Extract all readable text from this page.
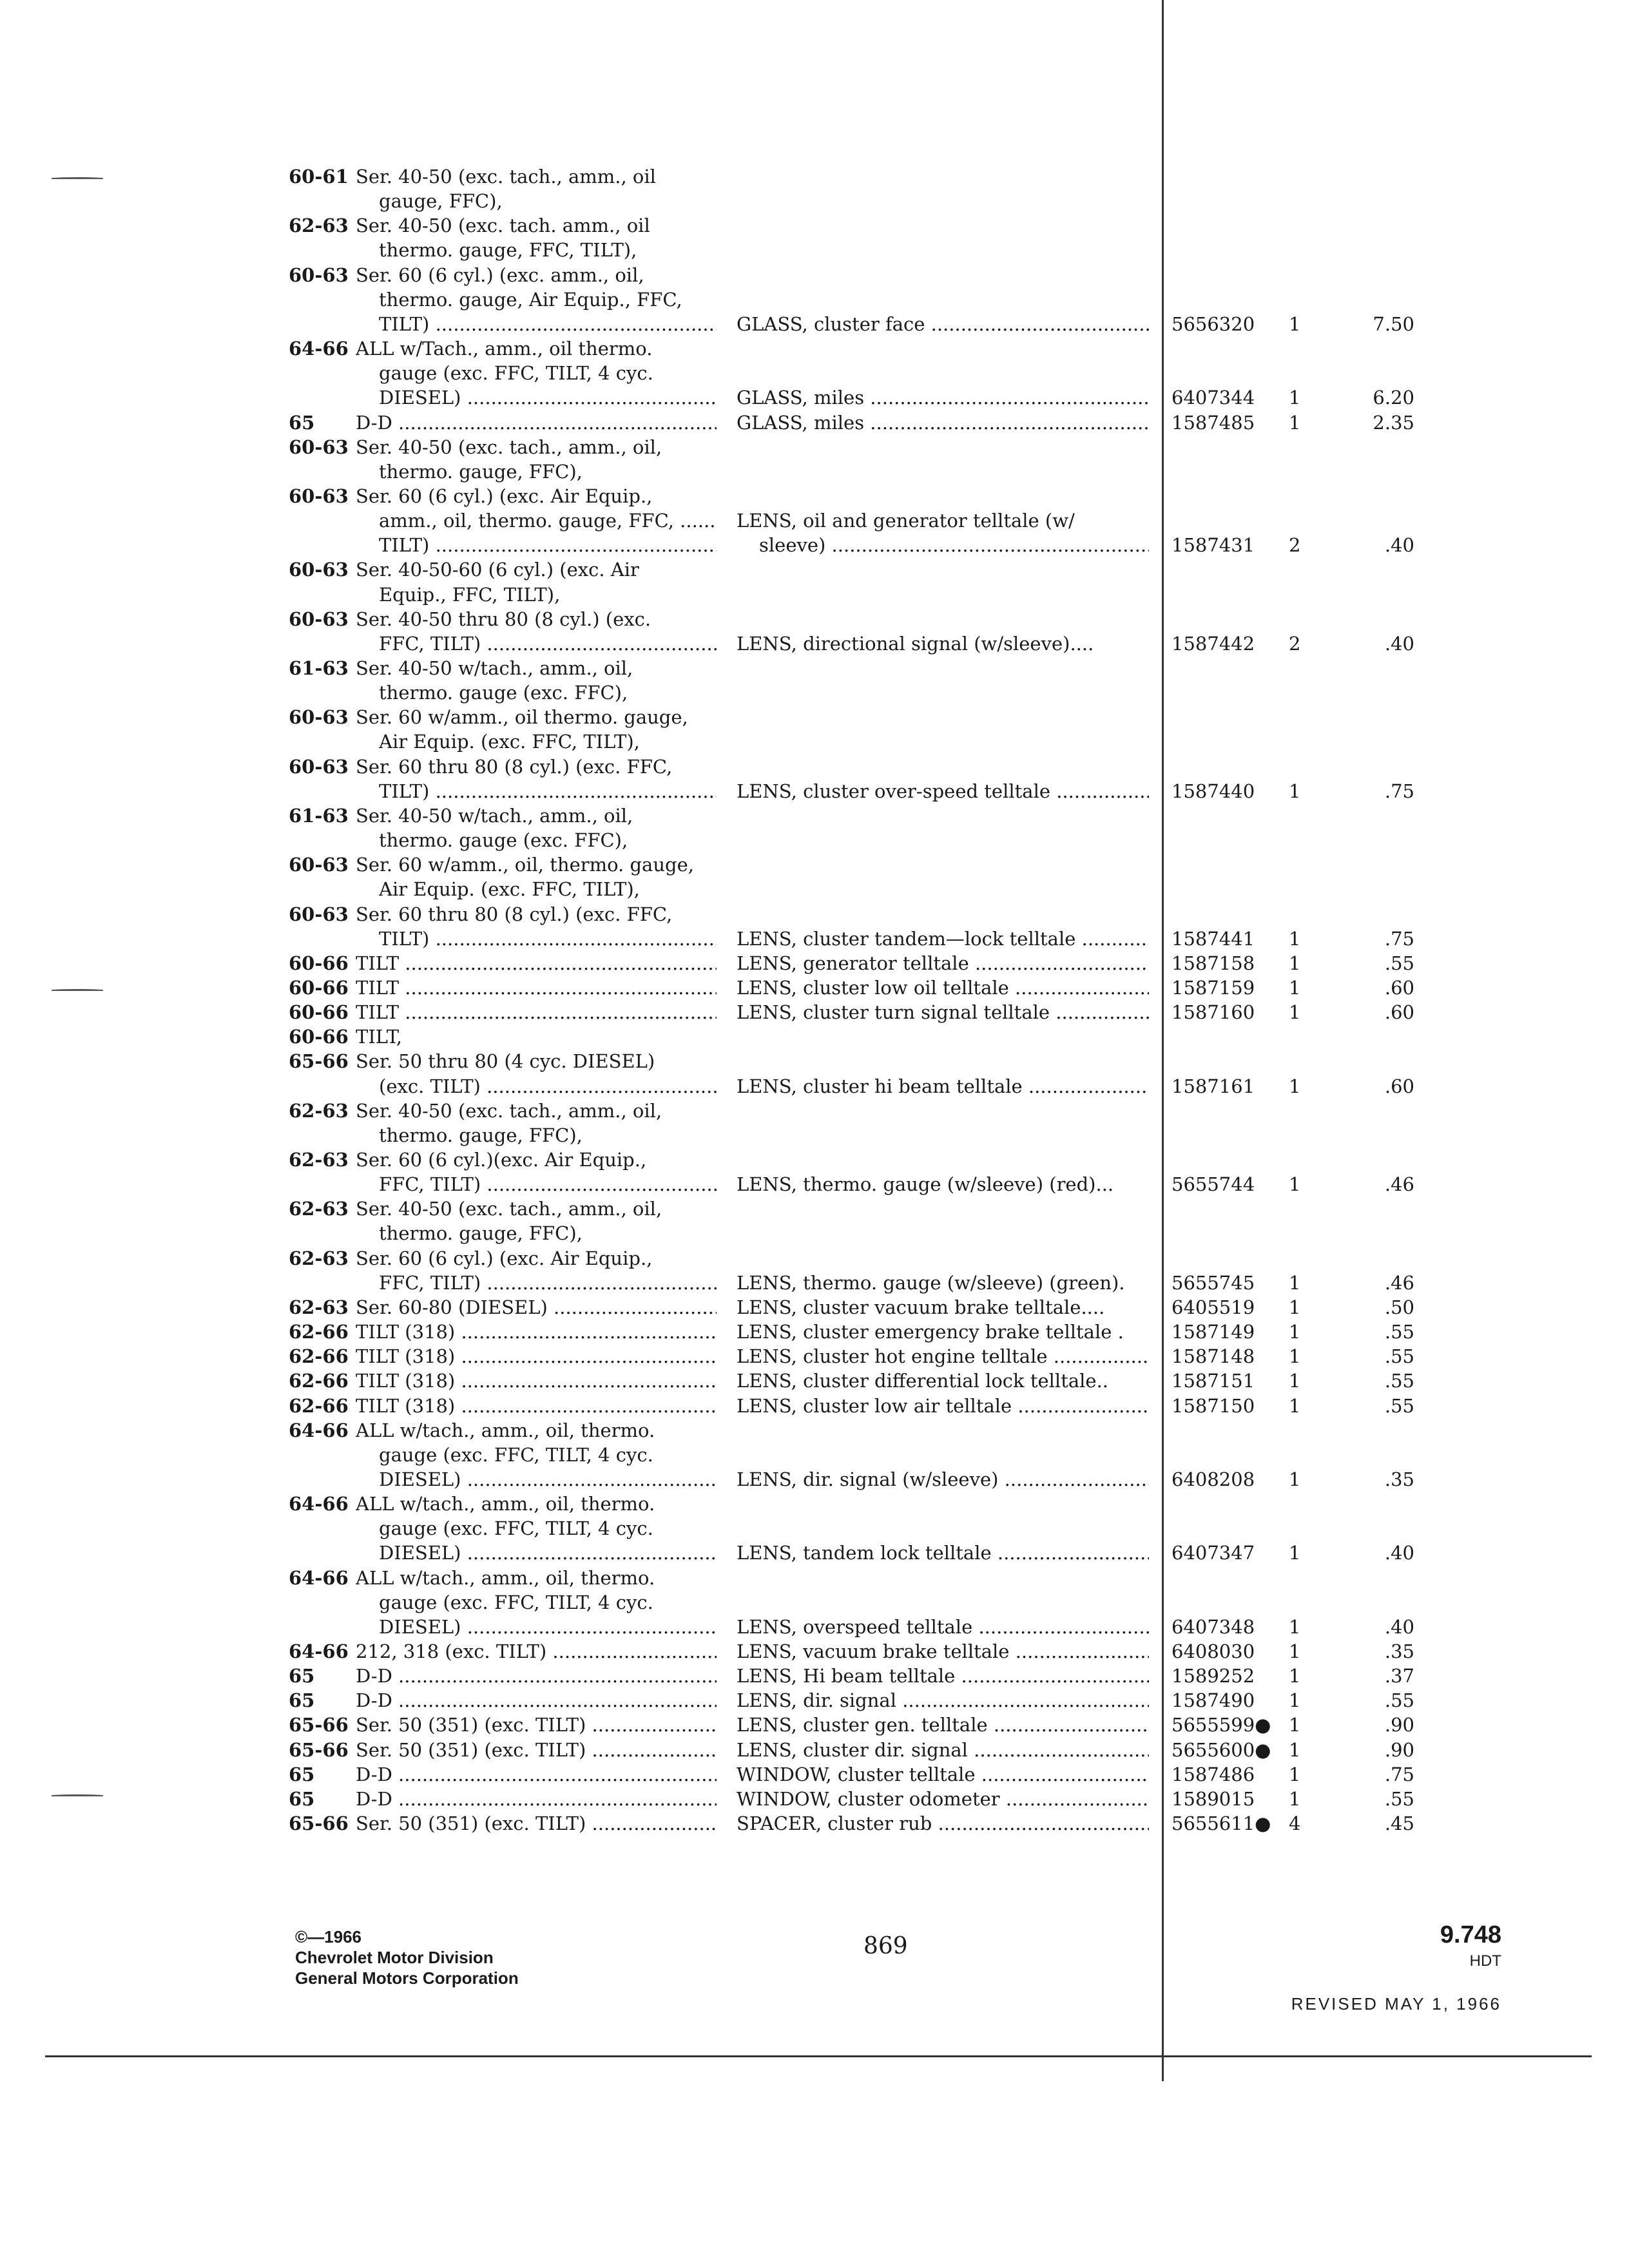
60-61 Ser. 40-50 (exc. tach., amm., oil
gauge, FFC),
62-63 Ser. 40-50 (exc. tach. amm., oil
thermo. gauge, FFC, TILT),
60-63 Ser. 60 (6 cyl.) (exc. amm., oil,
thermo. gauge, Air Equip., FFC,
TILT) .....	GLASS, cluster face .....	5656320 1	7.50
64-66 ALL w/Tach., amm., oil thermo.
gauge (exc. FFC, TILT, 4 cyc.
DIESEL) .....	GLASS, miles .....	6407344 1	6.20
65 D-D .....	GLASS, miles .....	1587485 1	2.35
60-63 Ser. 40-50 (exc. tach., amm., oil,
thermo. gauge, FFC),
60-63 Ser. 60 (6 cyl.) (exc. Air Equip.,
amm., oil, thermo. gauge, FFC, .....	LENS, oil and generator telltale (w/
TILT) .....	sleeve) .....	1587431 2	.40
60-63 Ser. 40-50-60 (6 cyl.) (exc. Air
Equip., FFC, TILT),
60-63 Ser. 40-50 thru 80 (8 cyl.) (exc.
FFC, TILT) .....	LENS, directional signal (w/sleeve)....	1587442 2	.40
61-63 Ser. 40-50 w/tach., amm., oil,
thermo. gauge (exc. FFC),
60-63 Ser. 60 w/amm., oil thermo. gauge,
Air Equip. (exc. FFC, TILT),
60-63 Ser. 60 thru 80 (8 cyl.) (exc. FFC,
TILT) .....	LENS, cluster over-speed telltale .....	1587440 1	.75
61-63 Ser. 40-50 w/tach., amm., oil,
thermo. gauge (exc. FFC),
60-63 Ser. 60 w/amm., oil, thermo. gauge,
Air Equip. (exc. FFC, TILT),
60-63 Ser. 60 thru 80 (8 cyl.) (exc. FFC,
TILT) .....	LENS, cluster tandem—lock telltale .....	1587441 1	.75
60-66 TILT .....	LENS, generator telltale .....	1587158 1	.55
60-66 TILT .....	LENS, cluster low oil telltale .....	1587159 1	.60
60-66 TILT .....	LENS, cluster turn signal telltale .....	1587160 1	.60
60-66 TILT,
65-66 Ser. 50 thru 80 (4 cyc. DIESEL)
(exc. TILT) .....	LENS, cluster hi beam telltale .....	1587161 1	.60
62-63 Ser. 40-50 (exc. tach., amm., oil,
thermo. gauge, FFC),
62-63 Ser. 60 (6 cyl.)(exc. Air Equip.,
FFC, TILT) .....	LENS, thermo. gauge (w/sleeve) (red)...	5655744 1	.46
62-63 Ser. 40-50 (exc. tach., amm., oil,
thermo. gauge, FFC),
62-63 Ser. 60 (6 cyl.) (exc. Air Equip.,
FFC, TILT) .....	LENS, thermo. gauge (w/sleeve) (green).	5655745 1	.46
62-63 Ser. 60-80 (DIESEL) .....	LENS, cluster vacuum brake telltale....	6405519 1	.50
62-66 TILT (318) .....	LENS, cluster emergency brake telltale .	1587149 1	.55
62-66 TILT (318) .....	LENS, cluster hot engine telltale .....	1587148 1	.55
62-66 TILT (318) .....	LENS, cluster differential lock telltale..	1587151 1	.55
62-66 TILT (318) .....	LENS, cluster low air telltale .....	1587150 1	.55
64-66 ALL w/tach., amm., oil, thermo.
gauge (exc. FFC, TILT, 4 cyc.
DIESEL) .....	LENS, dir. signal (w/sleeve) .....	6408208 1	.35
64-66 ALL w/tach., amm., oil, thermo.
gauge (exc. FFC, TILT, 4 cyc.
DIESEL) .....	LENS, tandem lock telltale .....	6407347 1	.40
64-66 ALL w/tach., amm., oil, thermo.
gauge (exc. FFC, TILT, 4 cyc.
DIESEL) .....	LENS, overspeed telltale .....	6407348 1	.40
64-66 212, 318 (exc. TILT) .....	LENS, vacuum brake telltale .....	6408030 1	.35
65 D-D .....	LENS, Hi beam telltale .....	1589252 1	.37
65 D-D .....	LENS, dir. signal .....	1587490 1	.55
65-66 Ser. 50 (351) (exc. TILT) .....	LENS, cluster gen. telltale .....	5655599● 1	.90
65-66 Ser. 50 (351) (exc. TILT) .....	LENS, cluster dir. signal .....	5655600● 1	.90
65 D-D .....	WINDOW, cluster telltale .....	1587486 1	.75
65 D-D .....	WINDOW, cluster odometer .....	1589015 1	.55
65-66 Ser. 50 (351) (exc. TILT) .....	SPACER, cluster rub .....	5655611● 4	.45
©—1966
Chevrolet Motor Division
General Motors Corporation
869	9.748
HDT
REVISED MAY 1, 1966
